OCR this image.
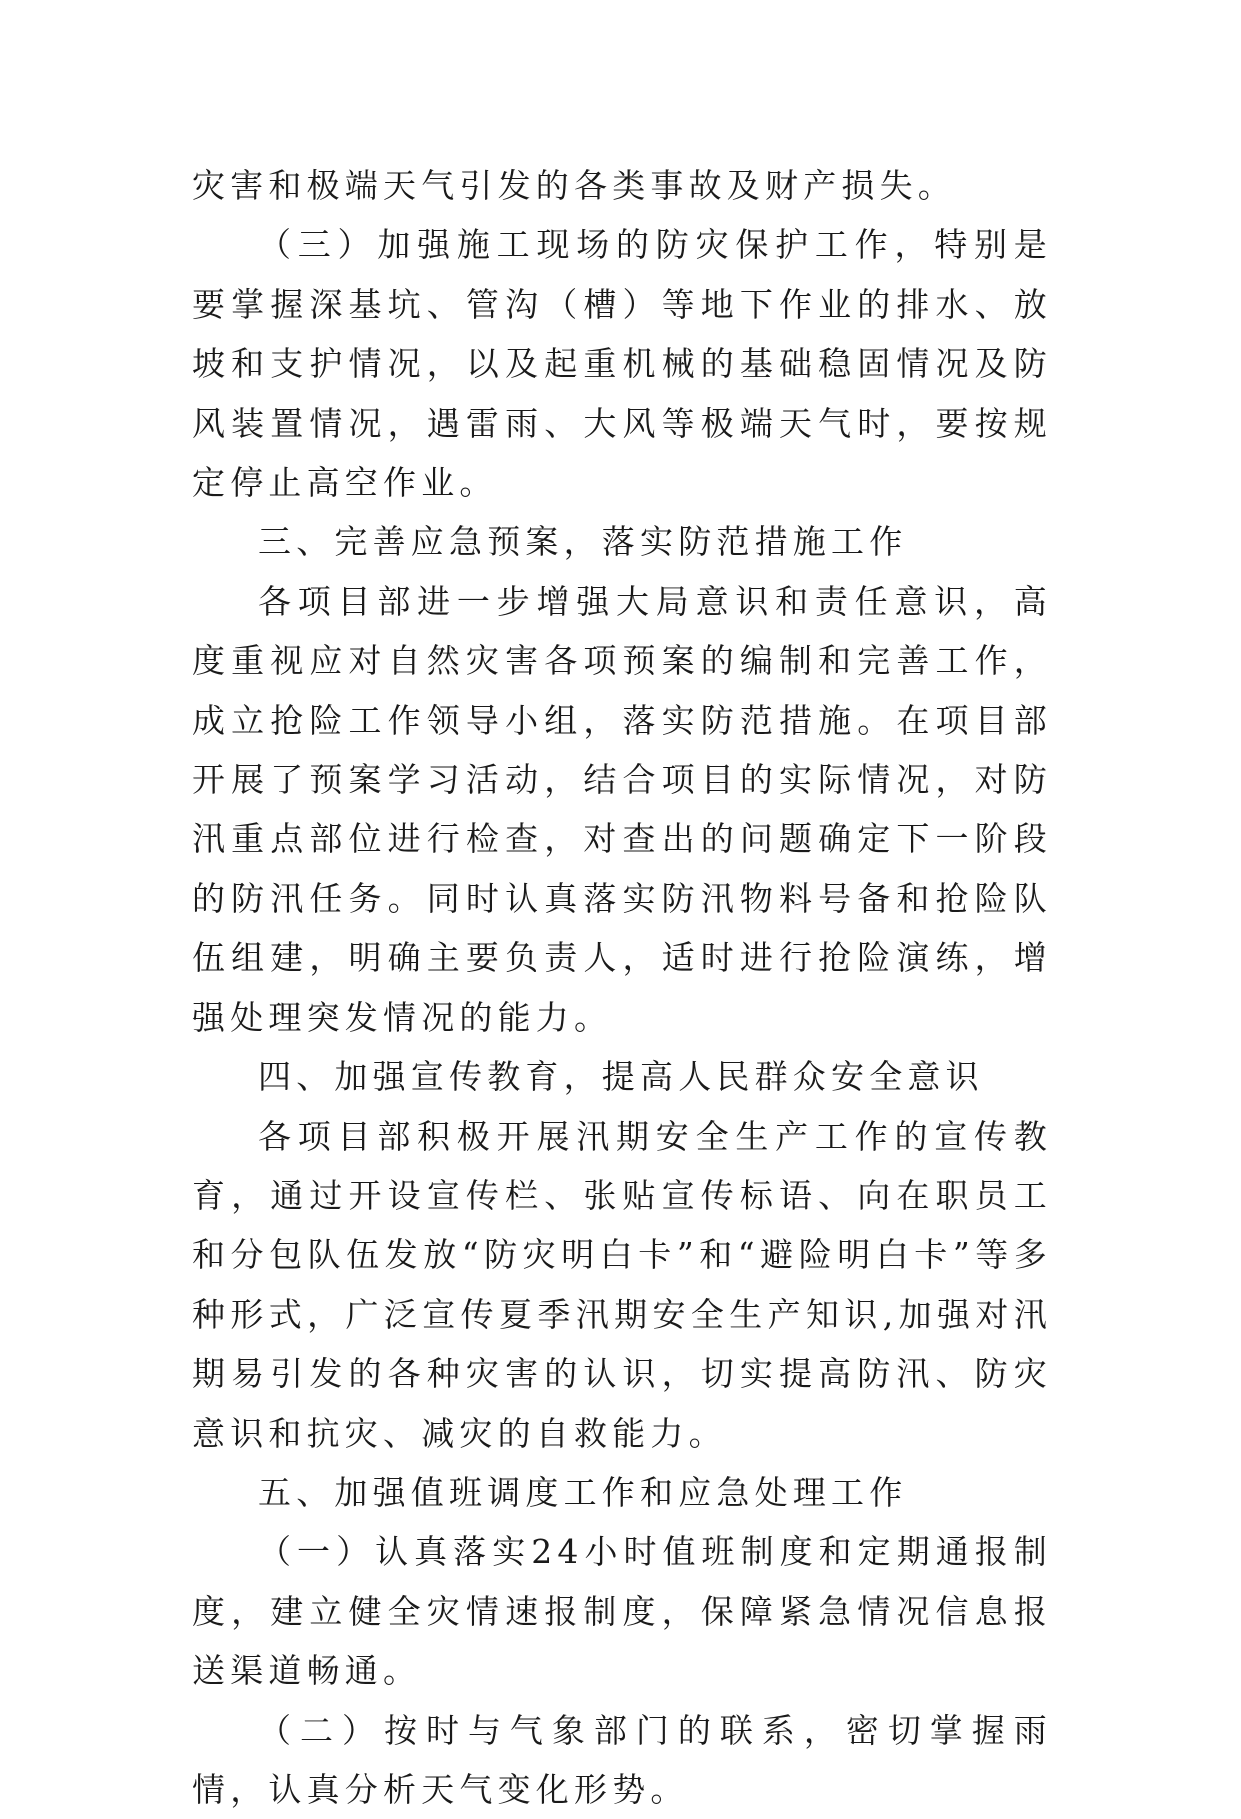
灾害和极端天气引发的各类事故及财产损失。

（三）加强施工现场的防灾保护工作，特别是要掌握深基坑、管沟（槽）等地下作业的排水、放坡和支护情况，以及起重机械的基础稳固情况及防风装置情况，遇雷雨、大风等极端天气时，要按规定停止高空作业。

三、完善应急预案，落实防范措施工作

各项目部进一步增强大局意识和责任意识，高度重视应对自然灾害各项预案的编制和完善工作，成立抢险工作领导小组，落实防范措施。在项目部开展了预案学习活动，结合项目的实际情况，对防汛重点部位进行检查，对查出的问题确定下一阶段的防汛任务。同时认真落实防汛物料号备和抢险队伍组建，明确主要负责人，适时进行抢险演练，增强处理突发情况的能力。

四、加强宣传教育，提高人民群众安全意识

各项目部积极开展汛期安全生产工作的宣传教育，通过开设宣传栏、张贴宣传标语、向在职员工和分包队伍发放“防灾明白卡”和“避险明白卡”等多种形式，广泛宣传夏季汛期安全生产知识,加强对汛期易引发的各种灾害的认识，切实提高防汛、防灾意识和抗灾、减灾的自救能力。

五、加强值班调度工作和应急处理工作

（一）认真落实24小时值班制度和定期通报制度，建立健全灾情速报制度，保障紧急情况信息报送渠道畅通。

（二）按时与气象部门的联系，密切掌握雨情，认真分析天气变化形势。
